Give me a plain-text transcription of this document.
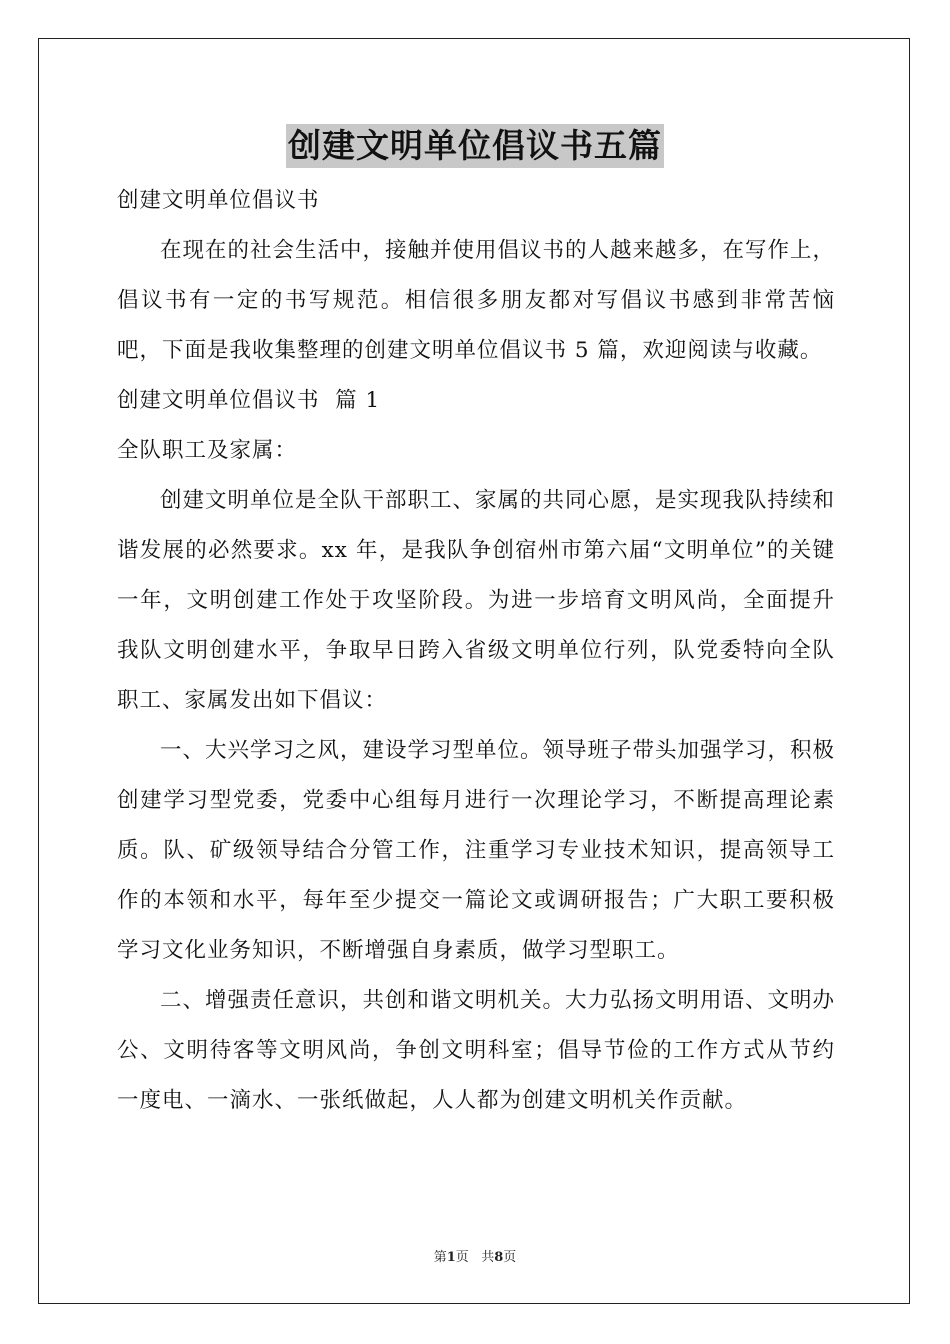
创建文明单位倡议书五篇

创建文明单位倡议书

在现在的社会生活中，接触并使用倡议书的人越来越多，在写作上，倡议书有一定的书写规范。相信很多朋友都对写倡议书感到非常苦恼吧，下面是我收集整理的创建文明单位倡议书 5 篇，欢迎阅读与收藏。

创建文明单位倡议书  篇 1

全队职工及家属：

创建文明单位是全队干部职工、家属的共同心愿，是实现我队持续和谐发展的必然要求。xx 年，是我队争创宿州市第六届“文明单位”的关键一年，文明创建工作处于攻坚阶段。为进一步培育文明风尚，全面提升我队文明创建水平，争取早日跨入省级文明单位行列，队党委特向全队职工、家属发出如下倡议：

一、大兴学习之风，建设学习型单位。领导班子带头加强学习，积极创建学习型党委，党委中心组每月进行一次理论学习，不断提高理论素质。队、矿级领导结合分管工作，注重学习专业技术知识，提高领导工作的本领和水平，每年至少提交一篇论文或调研报告；广大职工要积极学习文化业务知识，不断增强自身素质，做学习型职工。

二、增强责任意识，共创和谐文明机关。大力弘扬文明用语、文明办公、文明待客等文明风尚，争创文明科室；倡导节俭的工作方式从节约一度电、一滴水、一张纸做起，人人都为创建文明机关作贡献。

第1页   共8页
